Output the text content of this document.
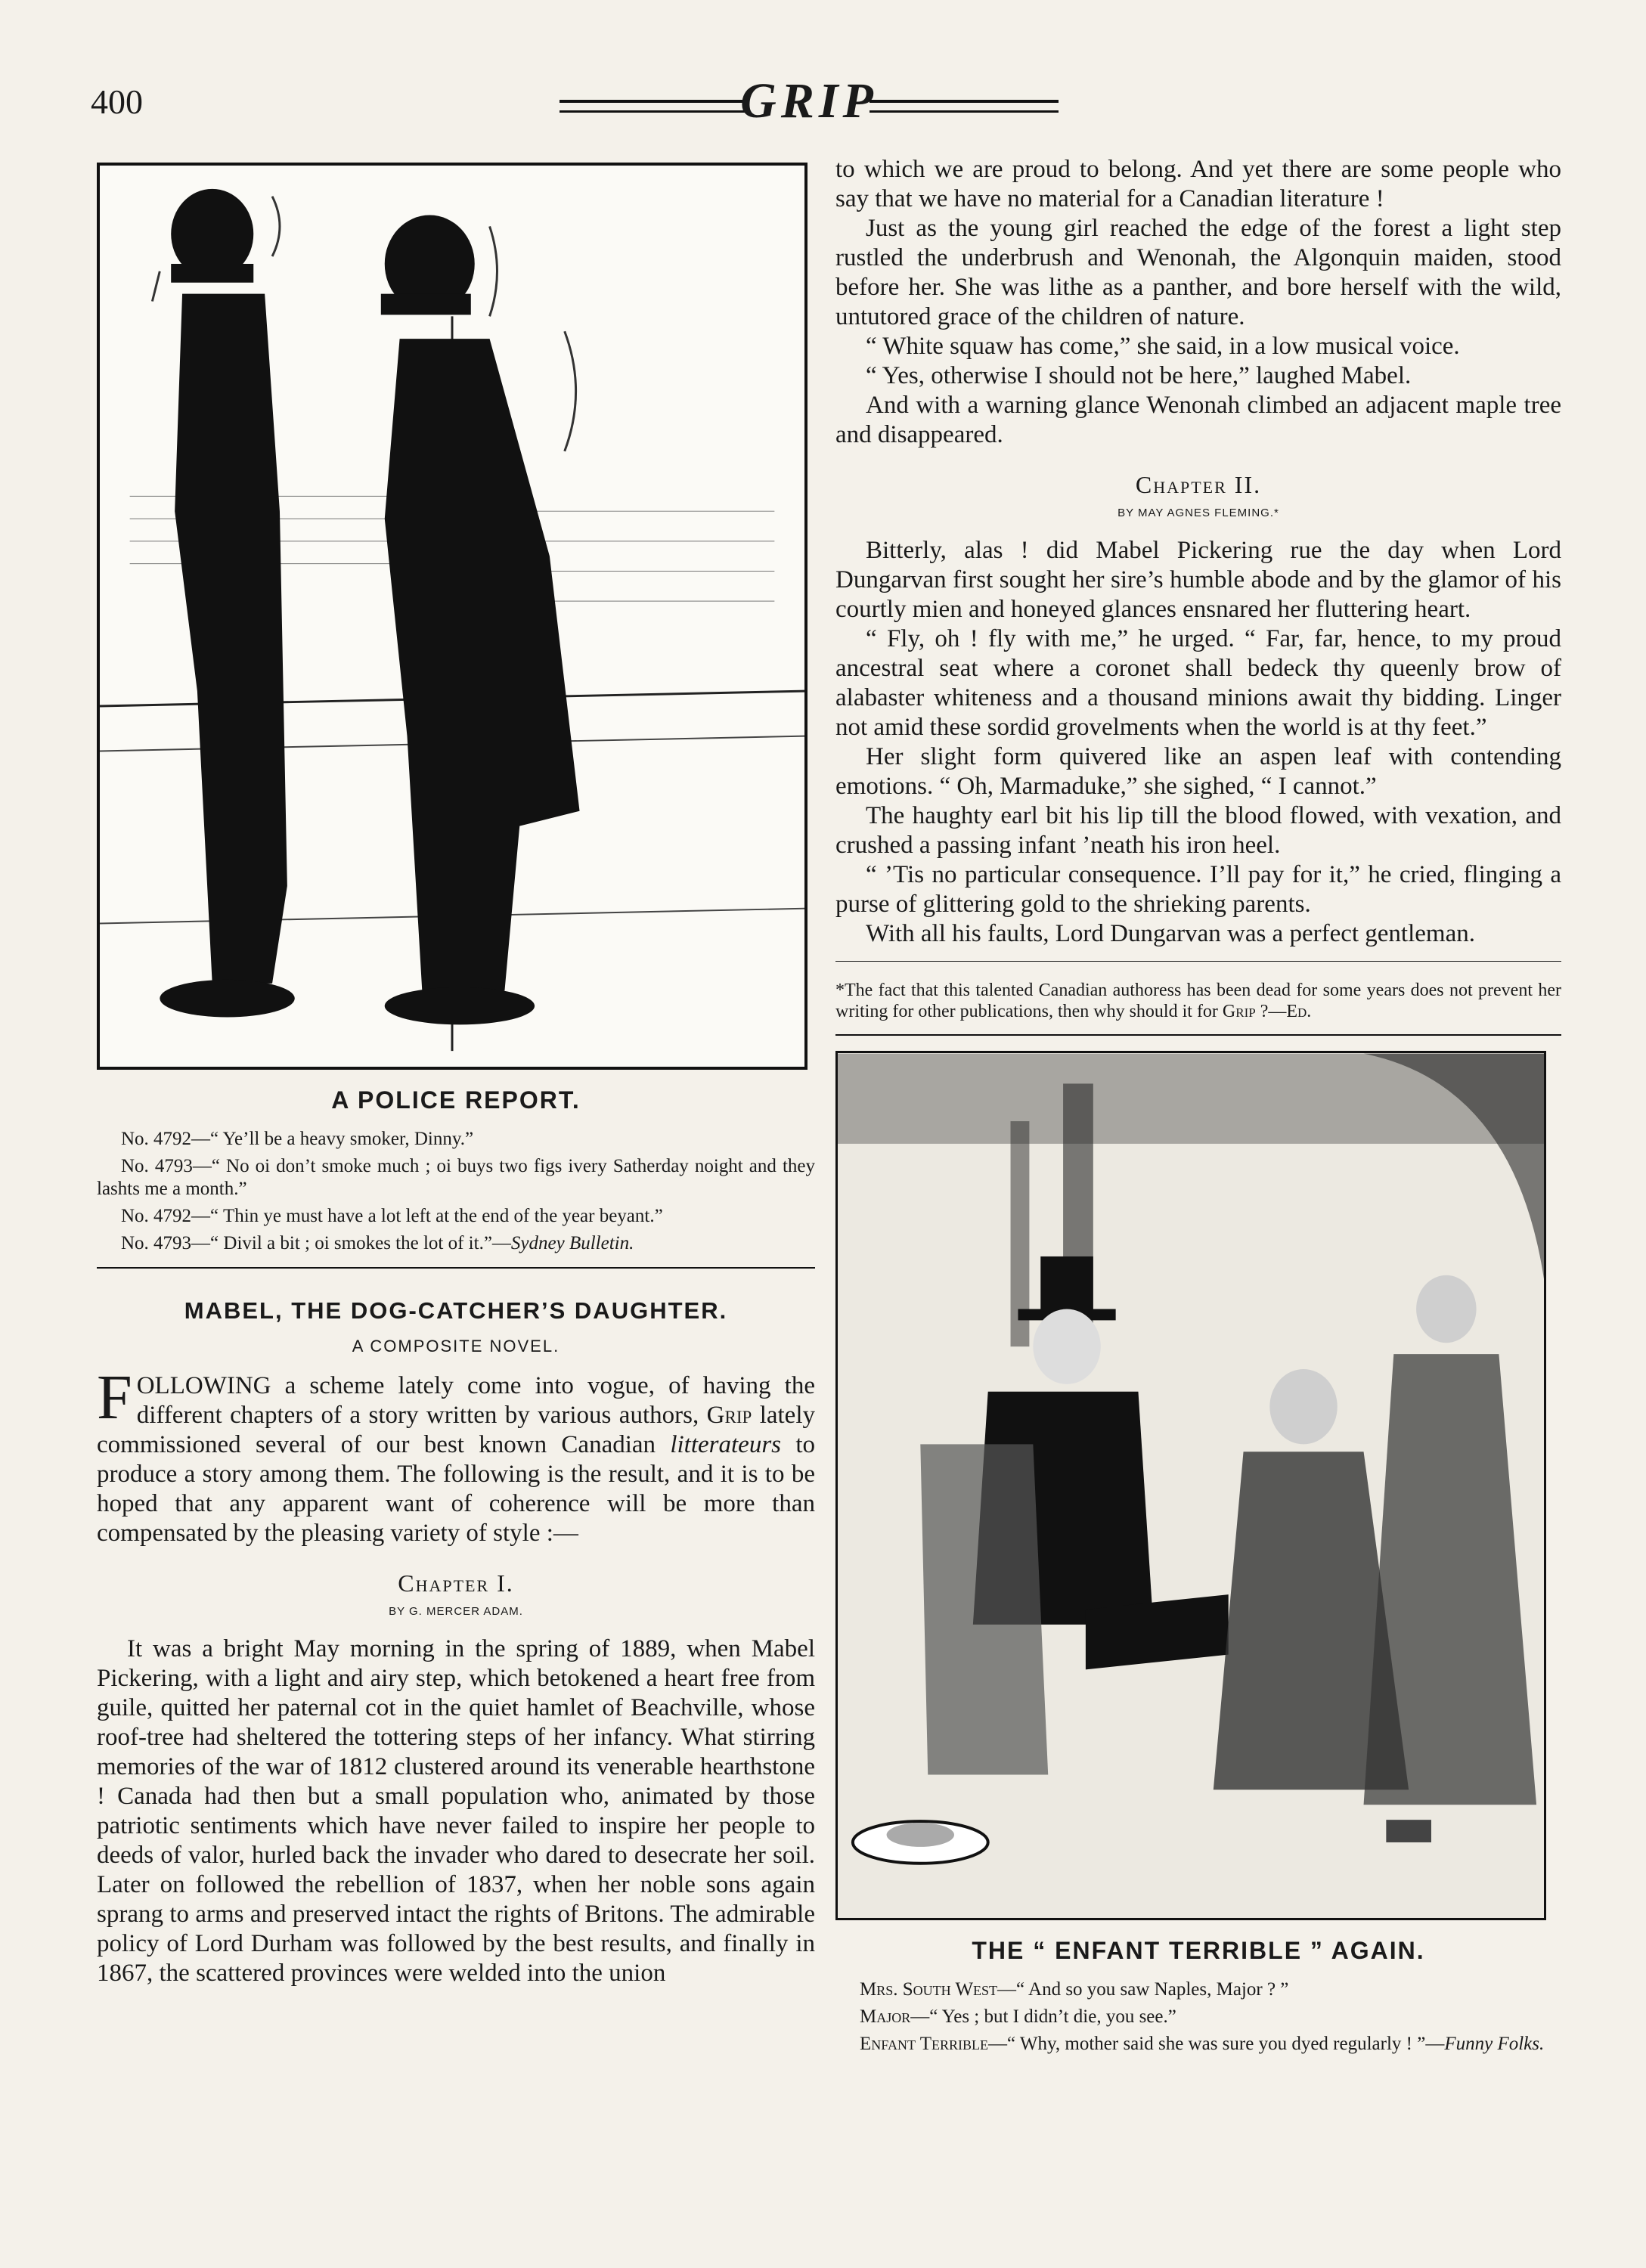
400	GRIP
A POLICE REPORT.

No. 4792—“ Ye’ll be a heavy smoker, Dinny.”

No. 4793—“ No oi don’t smoke much ; oi buys two figs ivery Satherday noight and they lashts me a month.”

No. 4792—“ Thin ye must have a lot left at the end of the year beyant.”

No. 4793—“ Divil a bit ; oi smokes the lot of it.”—Sydney Bulletin.

MABEL, THE DOG-CATCHER’S DAUGHTER.
A COMPOSITE NOVEL.

FOLLOWING a scheme lately come into vogue, of having the different chapters of a story written by various authors, Grip lately commissioned several of our best known Canadian litterateurs to produce a story among them. The following is the result, and it is to be hoped that any apparent want of coherence will be more than compensated by the pleasing variety of style :—

Chapter I.
BY G. MERCER ADAM.

It was a bright May morning in the spring of 1889, when Mabel Pickering, with a light and airy step, which betokened a heart free from guile, quitted her paternal cot in the quiet hamlet of Beachville, whose roof-tree had sheltered the tottering steps of her infancy. What stirring memories of the war of 1812 clustered around its venerable hearthstone ! Canada had then but a small population who, animated by those patriotic sentiments which have never failed to inspire her people to deeds of valor, hurled back the invader who dared to desecrate her soil. Later on followed the rebellion of 1837, when her noble sons again sprang to arms and preserved intact the rights of Britons. The admirable policy of Lord Durham was followed by the best results, and finally in 1867, the scattered provinces were welded into the union

to which we are proud to belong. And yet there are some people who say that we have no material for a Canadian literature !

Just as the young girl reached the edge of the forest a light step rustled the underbrush and Wenonah, the Algonquin maiden, stood before her. She was lithe as a panther, and bore herself with the wild, untutored grace of the children of nature.

“ White squaw has come,” she said, in a low musical voice.

“ Yes, otherwise I should not be here,” laughed Mabel.

And with a warning glance Wenonah climbed an adjacent maple tree and disappeared.

Chapter II.
BY MAY AGNES FLEMING.*

Bitterly, alas ! did Mabel Pickering rue the day when Lord Dungarvan first sought her sire’s humble abode and by the glamor of his courtly mien and honeyed glances ensnared her fluttering heart.

“ Fly, oh ! fly with me,” he urged. “ Far, far, hence, to my proud ancestral seat where a coronet shall bedeck thy queenly brow of alabaster whiteness and a thousand minions await thy bidding. Linger not amid these sordid grovelments when the world is at thy feet.”

Her slight form quivered like an aspen leaf with contending emotions. “ Oh, Marmaduke,” she sighed, “ I cannot.”

The haughty earl bit his lip till the blood flowed, with vexation, and crushed a passing infant ’neath his iron heel.

“ ’Tis no particular consequence. I’ll pay for it,” he cried, flinging a purse of glittering gold to the shrieking parents.

With all his faults, Lord Dungarvan was a perfect gentleman.

*The fact that this talented Canadian authoress has been dead for some years does not prevent her writing for other publications, then why should it for Grip ?—Ed.
THE “ ENFANT TERRIBLE ” AGAIN.

Mrs. South West—“ And so you saw Naples, Major ? ”

Major—“ Yes ; but I didn’t die, you see.”

Enfant Terrible—“ Why, mother said she was sure you dyed regularly ! ”—Funny Folks.
